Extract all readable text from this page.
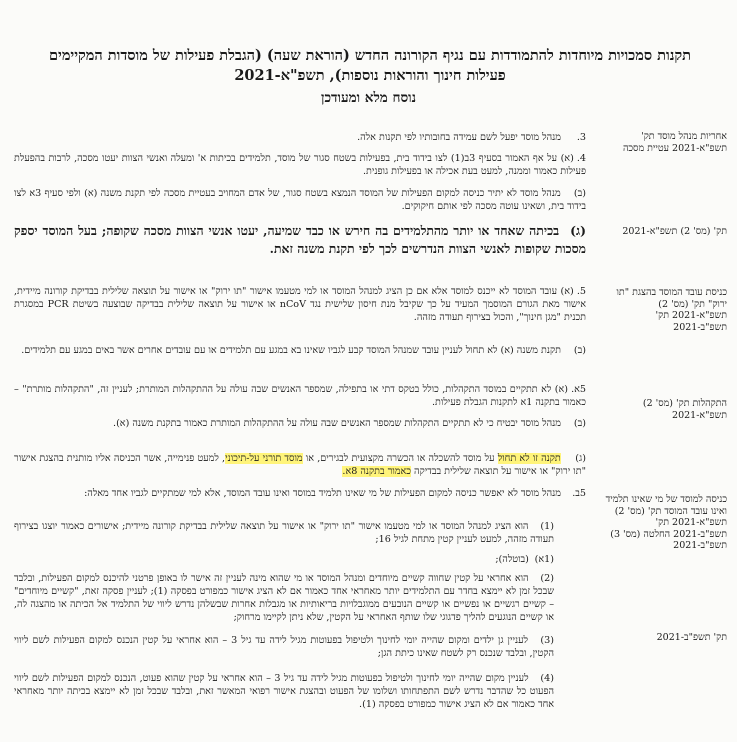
תקנות סמכויות מיוחדות להתמודדות עם נגיף הקורונה החדש (הוראת שעה) (הגבלת פעילות של מוסדות המקיימים פעילות חינוך והוראות נוספות), תשפ"א-2021
נוסח מלא ומעודכן
אחריות מנהל מוסד תק' תשפ"א-2021 עטיית מסכה
תק' (מס' 2) תשפ"א-2021
כניסת עובד המוסד בהצגת "תו ירוק" תק' (מס' 2) תשפ"א-2021 תק' תשפ"ב-2021
התקהלות תק' (מס' 2) תשפ"א-2021
כניסה למוסד של מי שאינו תלמיד ואינו עובד המוסד תק' (מס' 2) תשפ"א-2021 תק' תשפ"ב-2021 החלטה (מס' 3) תשפ"ב-2021
תק' תשפ"ב-2021
3. מנהל מוסד יפעל לשם עמידה בחובותיו לפי תקנות אלה.
4. (א) על אף האמור בסעיף 3ב(1) לצו בידוד בית, בפעילות בשטח סגור של מוסד, תלמידים בכיתות א' ומעלה ואנשי הצוות יעטו מסכה, לרבות בהפעלת פעילות כאמור וממנה, למעט בעת אכילה או בפעילות גופנית.
(ב) מנהל מוסד לא יתיר כניסה למקום הפעילות של המוסד הנמצא בשטח סגור, של אדם המחויב בעטיית מסכה לפי תקנת משנה (א) ולפי סעיף 3א לצו בידוד בית, ושאינו עוטה מסכה לפי אותם חיקוקים.
(ג) בכיתה שאחד או יותר מהתלמידים בה חירש או כבד שמיעה, יעטו אנשי הצוות מסכה שקופה; בעל המוסד יספק מסכות שקופות לאנשי הצוות הנדרשים לכך לפי תקנת משנה זאת.
5. (א) עובד המוסד לא ייכנס למוסד אלא אם כן הציג למנהל המוסד או למי מטעמו אישור "תו ירוק" או אישור על תוצאה שלילית בבדיקת קורונה מיידית, אישור מאת הגורם המוסמך המעיד על כך שקיבל מנת חיסון שלישית נגד nCoV או אישור על תוצאה שלילית בבדיקה שבוצעה בשיטת PCR במסגרת תכנית "מגן חינוך", והכול בצירוף תעודה מזהה.
(ב) תקנת משנה (א) לא תחול לעניין עובד שמנהל המוסד קבע לגביו שאינו בא במגע עם תלמידים או עם עובדים אחרים אשר באים במגע עם תלמידים.
5א. (א) לא תתקיים במוסד התקהלות, כולל בטקס דתי או בתפילה, שמספר האנשים שבה עולה על ההתקהלות המותרת; לעניין זה, "התקהלות מותרת" – כאמור בתקנה 1א לתקנות הגבלת פעילות.
(ב) מנהל מוסד יבטיח כי לא תתקיים התקהלות שמספר האנשים שבה עולה על ההתקהלות המותרת כאמור בתקנת משנה (א).
(ג) תקנה זו לא תחול על מוסד להשכלה או הכשרה מקצועית לבגירים, או מוסד תורני על-תיכוני, למעט פנימייה, אשר הכניסה אליו מותנית בהצגת אישור "תו ירוק" או אישור על תוצאה שלילית בבדיקה כאמור בתקנה 8א.
5ב. מנהל מוסד לא יאפשר כניסה למקום הפעילות של מי שאינו תלמיד במוסד ואינו עובד המוסד, אלא למי שמתקיים לגביו אחד מאלה:
(1) הוא הציג למנהל המוסד או למי מטעמו אישור "תו ירוק" או אישור על תוצאה שלילית בבדיקת קורונה מיידית; אישורים כאמור יוצגו בצירוף תעודה מזהה, למעט לעניין קטין מתחת לגיל 16;
(1א) (בוטלה);
(2) הוא אחראי על קטין שחווה קשיים מיוחדים ומנהל המוסד או מי שהוא מינה לעניין זה אישר לו באופן פרטני להיכנס למקום הפעילות, ובלבד שבכל זמן לא יימצא בחדר עם התלמידים יותר מאחראי אחד כאמור אם לא הציג אישור כמפורט בפסקה (1); לעניין פסקה זאת, "קשיים מיוחדים" – קשיים רגשיים או נפשיים או קשיים הנובעים ממוגבלויות בריאותיות או מגבלות אחרות שבשלהן נדרש ליווי של התלמיד אל הכיתה או מהצגה לה, או קשיים הנוגעים להליך פדגוגי שלו שותף האחראי על הקטין, שלא ניתן לקיימו מרחוק;
(3) לעניין גן ילדים ומקום שהייה יומי לחינוך ולטיפול בפעוטות מגיל לידה עד גיל 3 – הוא אחראי על קטין הנכנס למקום הפעילות לשם ליווי הקטין, ובלבד שנכנס רק לשטח שאינו כיתת הגן;
(4) לעניין מקום שהייה יומי לחינוך ולטיפול בפעוטות מגיל לידה עד גיל 3 – הוא אחראי על קטין שהוא פעוט, הנכנס למקום הפעילות לשם ליווי הפעוט כל שהדבר נדרש לשם התפתחותו ושלומו של הפעוט ובהצגת אישור רפואי המאשר זאת, ובלבד שבכל זמן לא יימצא בכיתה יותר מאחראי אחד כאמור אם לא הציג אישור כמפורט בפסקה (1).
